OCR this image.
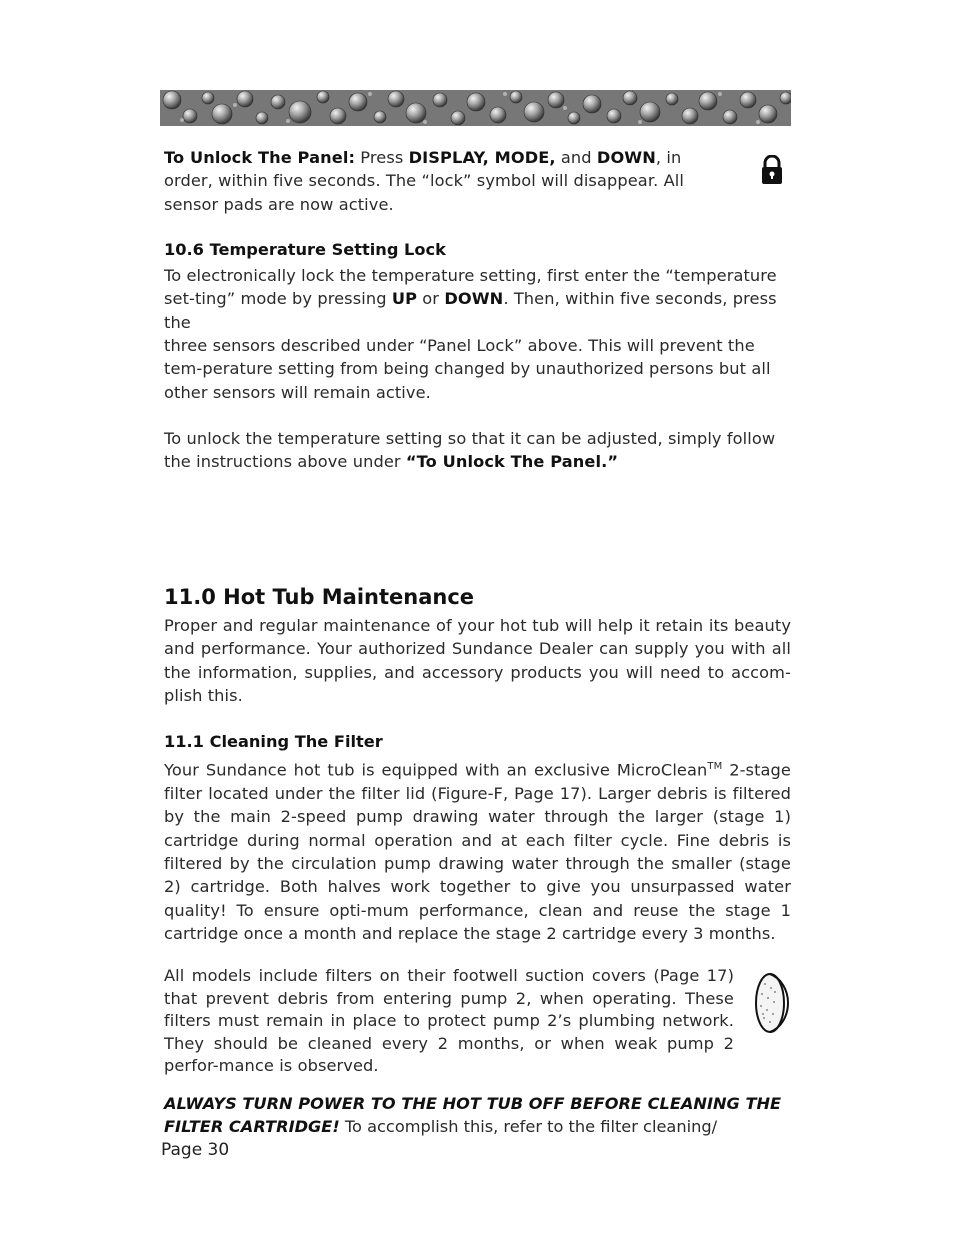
To Unlock The Panel: Press DISPLAY, MODE, and DOWN, in order, within five seconds. The “lock” symbol will disappear. All sensor pads are now active.

10.6 Temperature Setting Lock

To electronically lock the temperature setting, first enter the “temperature set-ting” mode by pressing UP or DOWN. Then, within five seconds, press the

three sensors described under “Panel Lock” above. This will prevent the tem-perature setting from being changed by unauthorized persons but all other sensors will remain active.

To unlock the temperature setting so that it can be adjusted, simply follow the instructions above under “To Unlock The Panel.”

11.0 Hot Tub Maintenance

Proper and regular maintenance of your hot tub will help it retain its beauty and performance. Your authorized Sundance Dealer can supply you with all the information, supplies, and accessory products you will need to accom-plish this.

11.1 Cleaning The Filter

Your Sundance hot tub is equipped with an exclusive MicroClean™ 2-stage filter located under the filter lid (Figure-F, Page 17). Larger debris is filtered by the main 2-speed pump drawing water through the larger (stage 1) cartridge during normal operation and at each filter cycle. Fine debris is filtered by the circulation pump drawing water through the smaller (stage 2) cartridge. Both halves work together to give you unsurpassed water quality! To ensure opti-mum performance, clean and reuse the stage 1 cartridge once a month and replace the stage 2 cartridge every 3 months.

All models include filters on their footwell suction covers (Page 17) that prevent debris from entering pump 2, when operating. These filters must remain in place to protect pump 2’s plumbing network. They should be cleaned every 2 months, or when weak pump 2 perfor-mance is observed.

ALWAYS TURN POWER TO THE HOT TUB OFF BEFORE CLEANING THE FILTER CARTRIDGE! To accomplish this, refer to the filter cleaning/

Page 30
